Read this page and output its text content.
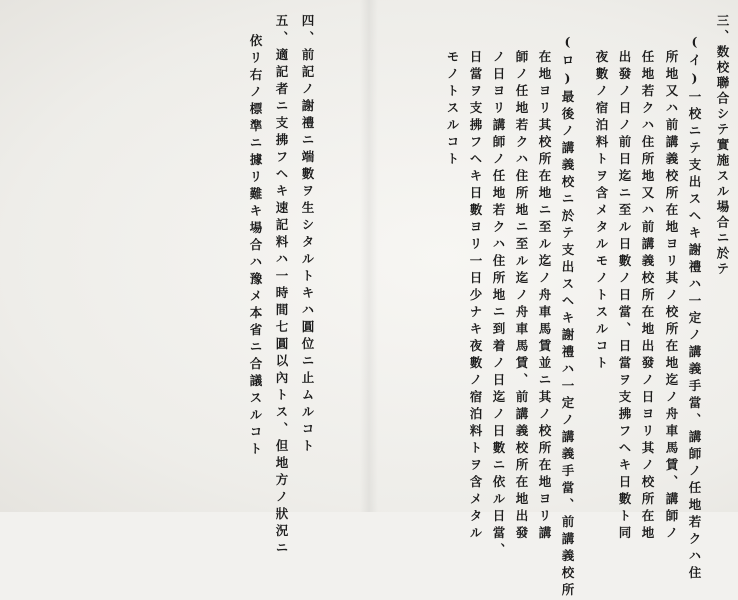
三、数校聯合シテ實施スル場合ニ於テ
(イ)一校ニテ支出スヘキ謝禮ハ一定ノ講義手當、講師ノ任地若クハ住
所地又ハ前講義校所在地ヨリ其ノ校所在地迄ノ舟車馬賃、講師ノ
任地若クハ住所地又ハ前講義校所在地出發ノ日ヨリ其ノ校所在地
出發ノ日ノ前日迄ニ至ル日數ノ日當、日當ヲ支拂フヘキ日數ト同
夜數ノ宿泊料トヲ含メタルモノトスルコト
(ロ)最後ノ講義校ニ於テ支出スヘキ謝禮ハ一定ノ講義手當、前講義校所
在地ヨリ其校所在地ニ至ル迄ノ舟車馬賃並ニ其ノ校所在地ヨリ講
師ノ任地若クハ住所地ニ至ル迄ノ舟車馬賃、前講義校所在地出發
ノ日ヨリ講師ノ任地若クハ住所地ニ到着ノ日迄ノ日數ニ依ル日當、
日當ヲ支拂フヘキ日數ヨリ一日少ナキ夜數ノ宿泊料トヲ含メタル
モノトスルコト
四、前記ノ謝禮ニ端數ヲ生シタルトキハ圓位ニ止ムルコト
五、適記者ニ支拂フヘキ速記料ハ一時間七圓以內トス、但地方ノ狀況ニ
依リ右ノ標準ニ據リ難キ場合ハ豫メ本省ニ合議スルコト
